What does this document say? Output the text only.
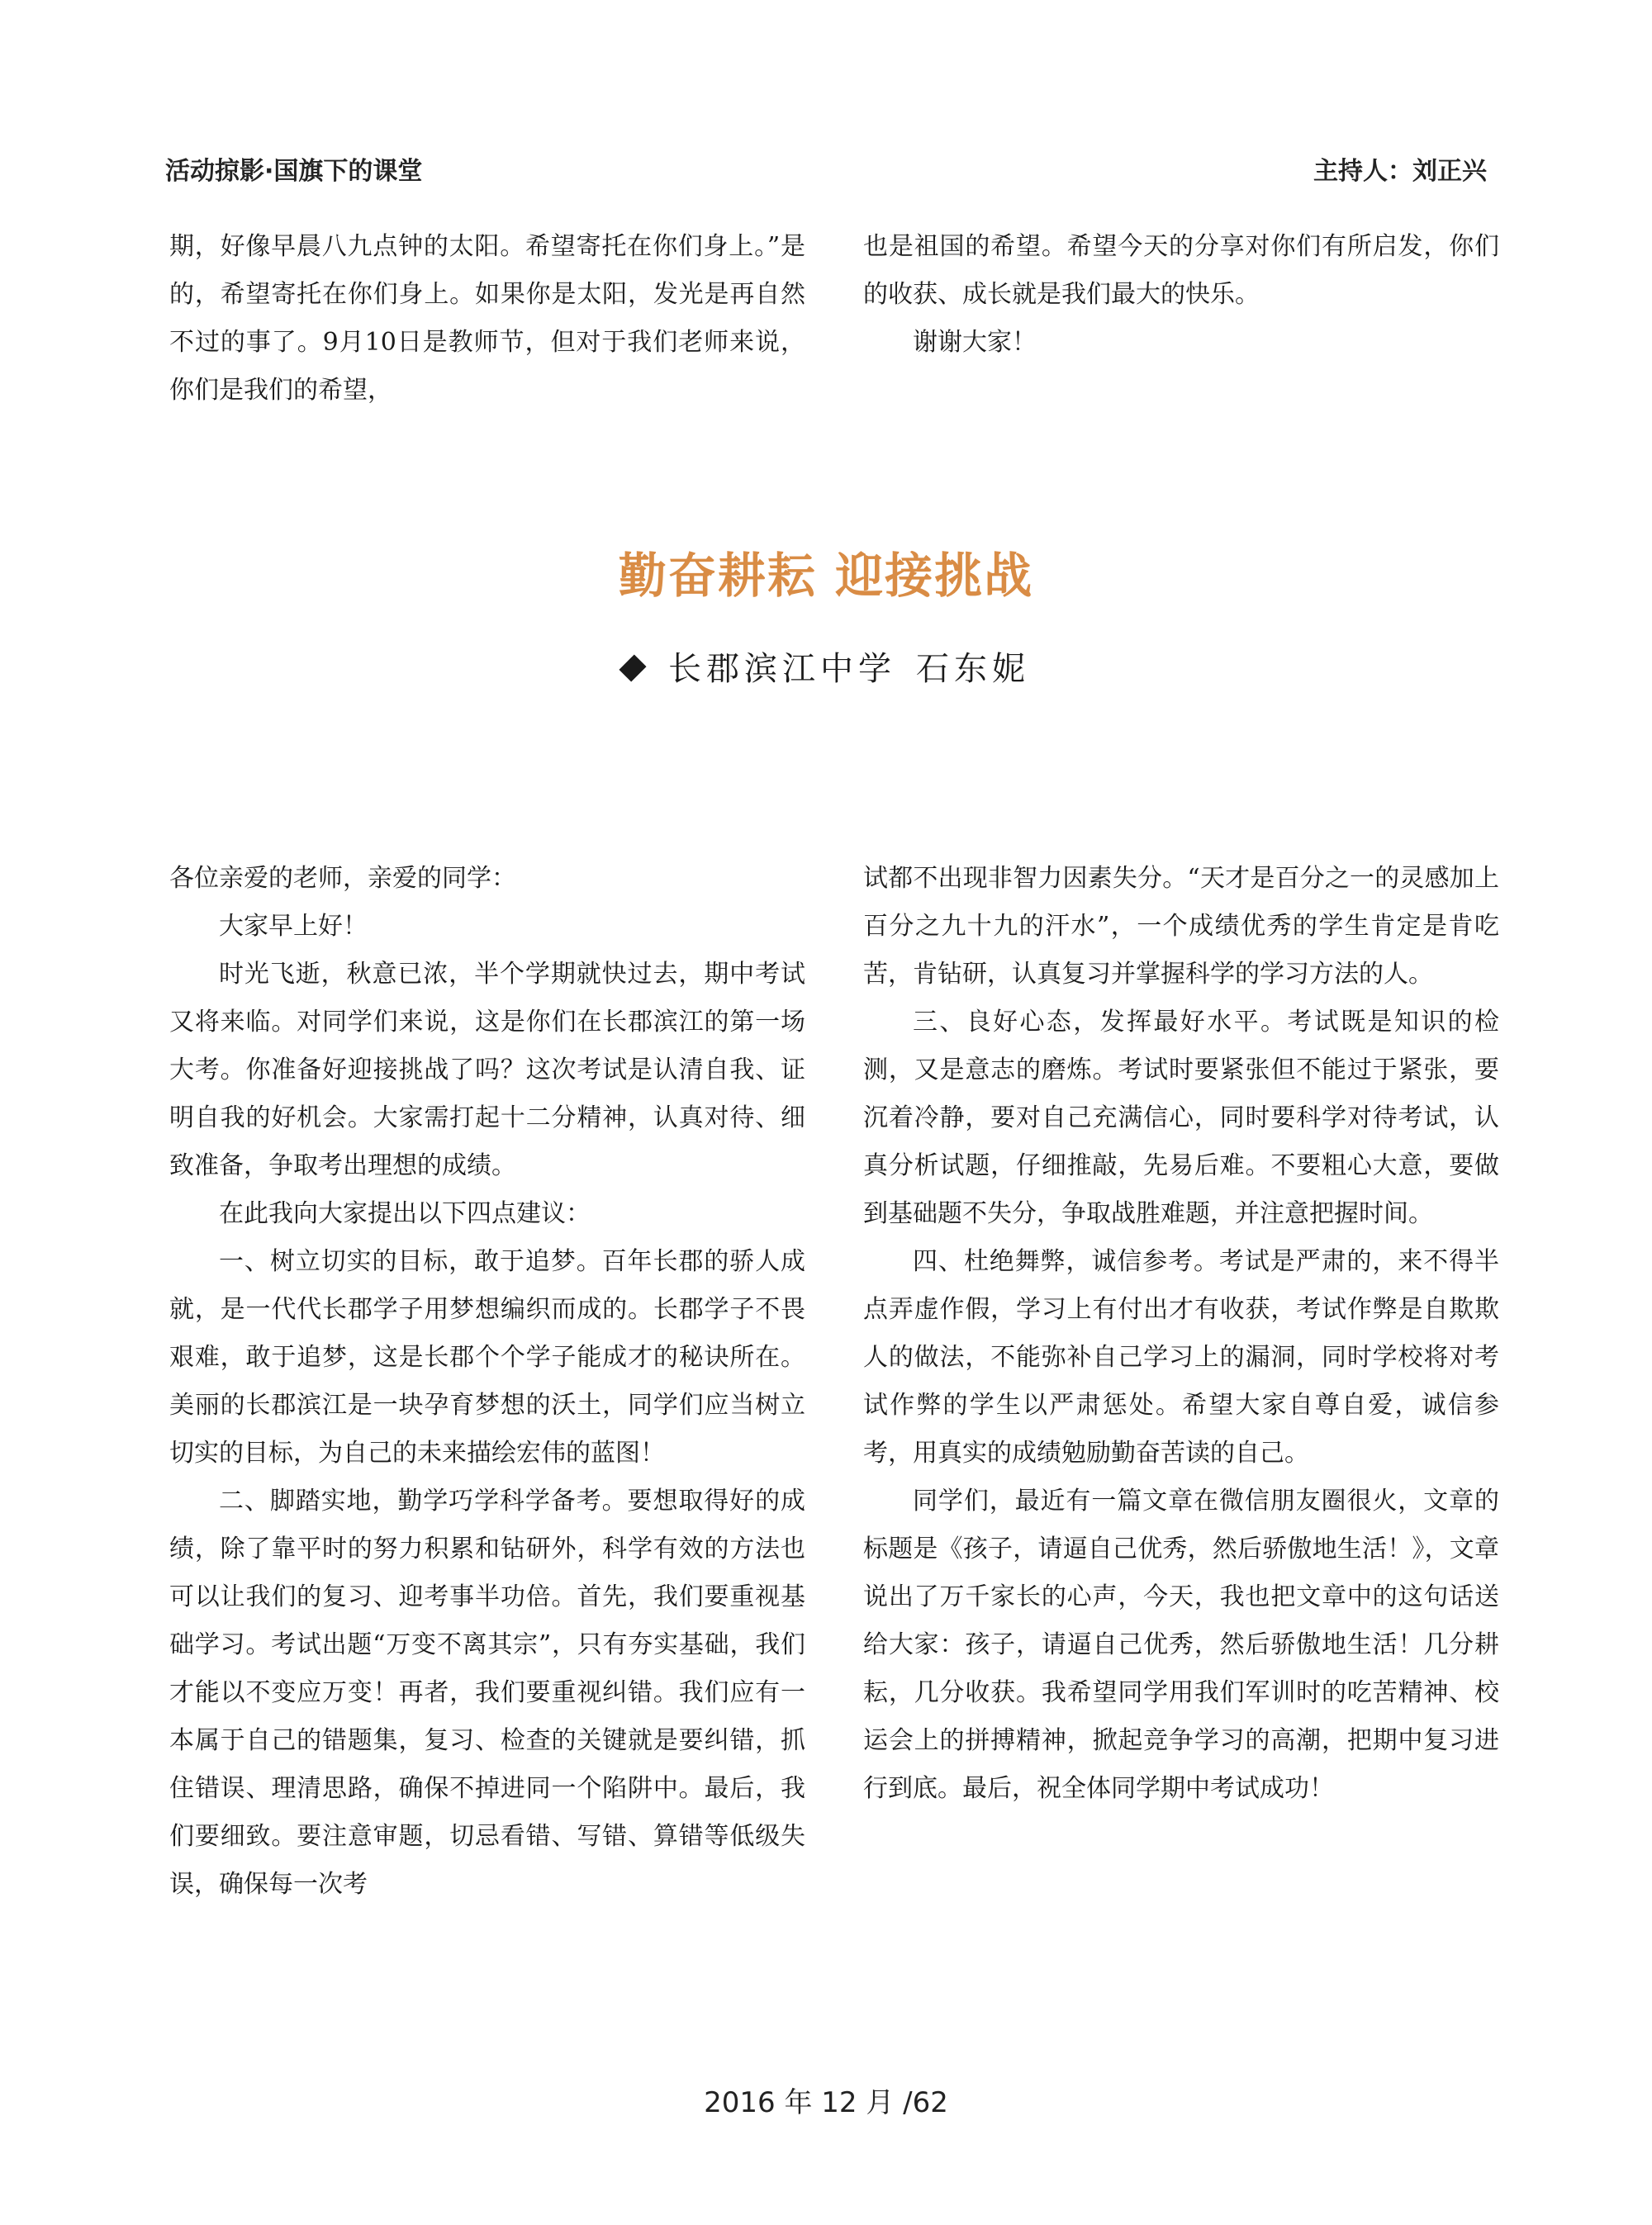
活动掠影·国旗下的课堂	主持人：刘正兴

期，好像早晨八九点钟的太阳。希望寄托在你们身上。”是的，希望寄托在你们身上。如果你是太阳，发光是再自然不过的事了。9月10日是教师节，但对于我们老师来说，你们是我们的希望，

也是祖国的希望。希望今天的分享对你们有所启发，你们的收获、成长就是我们最大的快乐。

谢谢大家！

勤奋耕耘 迎接挑战
长郡滨江中学 石东妮

各位亲爱的老师，亲爱的同学：

大家早上好！

时光飞逝，秋意已浓，半个学期就快过去，期中考试又将来临。对同学们来说，这是你们在长郡滨江的第一场大考。你准备好迎接挑战了吗？这次考试是认清自我、证明自我的好机会。大家需打起十二分精神，认真对待、细致准备，争取考出理想的成绩。

在此我向大家提出以下四点建议：

一、树立切实的目标，敢于追梦。百年长郡的骄人成就，是一代代长郡学子用梦想编织而成的。长郡学子不畏艰难，敢于追梦，这是长郡个个学子能成才的秘诀所在。美丽的长郡滨江是一块孕育梦想的沃土，同学们应当树立切实的目标，为自己的未来描绘宏伟的蓝图！

二、脚踏实地，勤学巧学科学备考。要想取得好的成绩，除了靠平时的努力积累和钻研外，科学有效的方法也可以让我们的复习、迎考事半功倍。首先，我们要重视基础学习。考试出题“万变不离其宗”，只有夯实基础，我们才能以不变应万变！再者，我们要重视纠错。我们应有一本属于自己的错题集，复习、检查的关键就是要纠错，抓住错误、理清思路，确保不掉进同一个陷阱中。最后，我们要细致。要注意审题，切忌看错、写错、算错等低级失误，确保每一次考

试都不出现非智力因素失分。“天才是百分之一的灵感加上百分之九十九的汗水”，一个成绩优秀的学生肯定是肯吃苦，肯钻研，认真复习并掌握科学的学习方法的人。

三、良好心态，发挥最好水平。考试既是知识的检测，又是意志的磨炼。考试时要紧张但不能过于紧张，要沉着冷静，要对自己充满信心，同时要科学对待考试，认真分析试题，仔细推敲，先易后难。不要粗心大意，要做到基础题不失分，争取战胜难题，并注意把握时间。

四、杜绝舞弊，诚信参考。考试是严肃的，来不得半点弄虚作假，学习上有付出才有收获，考试作弊是自欺欺人的做法，不能弥补自己学习上的漏洞，同时学校将对考试作弊的学生以严肃惩处。希望大家自尊自爱，诚信参考，用真实的成绩勉励勤奋苦读的自己。

同学们，最近有一篇文章在微信朋友圈很火，文章的标题是《孩子，请逼自己优秀，然后骄傲地生活！》，文章说出了万千家长的心声，今天，我也把文章中的这句话送给大家：孩子，请逼自己优秀，然后骄傲地生活！几分耕耘，几分收获。我希望同学用我们军训时的吃苦精神、校运会上的拼搏精神，掀起竞争学习的高潮，把期中复习进行到底。最后，祝全体同学期中考试成功！

2016 年 12 月 /62
